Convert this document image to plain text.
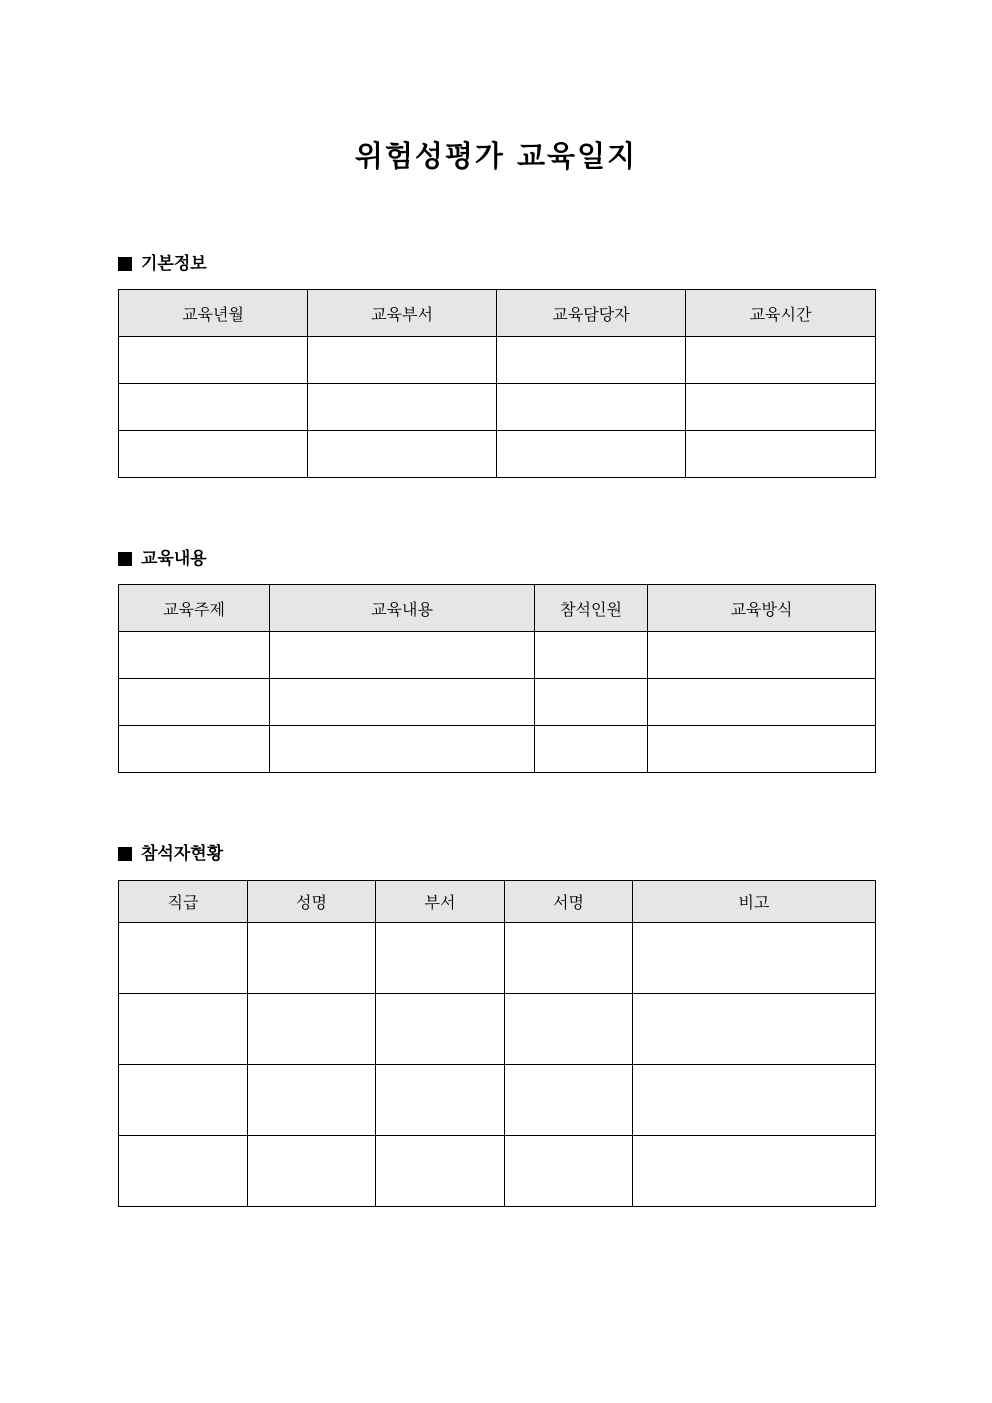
위험성평가 교육일지
기본정보
교육년월	교육부서	교육담당자	교육시간

교육내용
교육주제	교육내용	참석인원	교육방식

참석자현황
직급	성명	부서	서명	비고
